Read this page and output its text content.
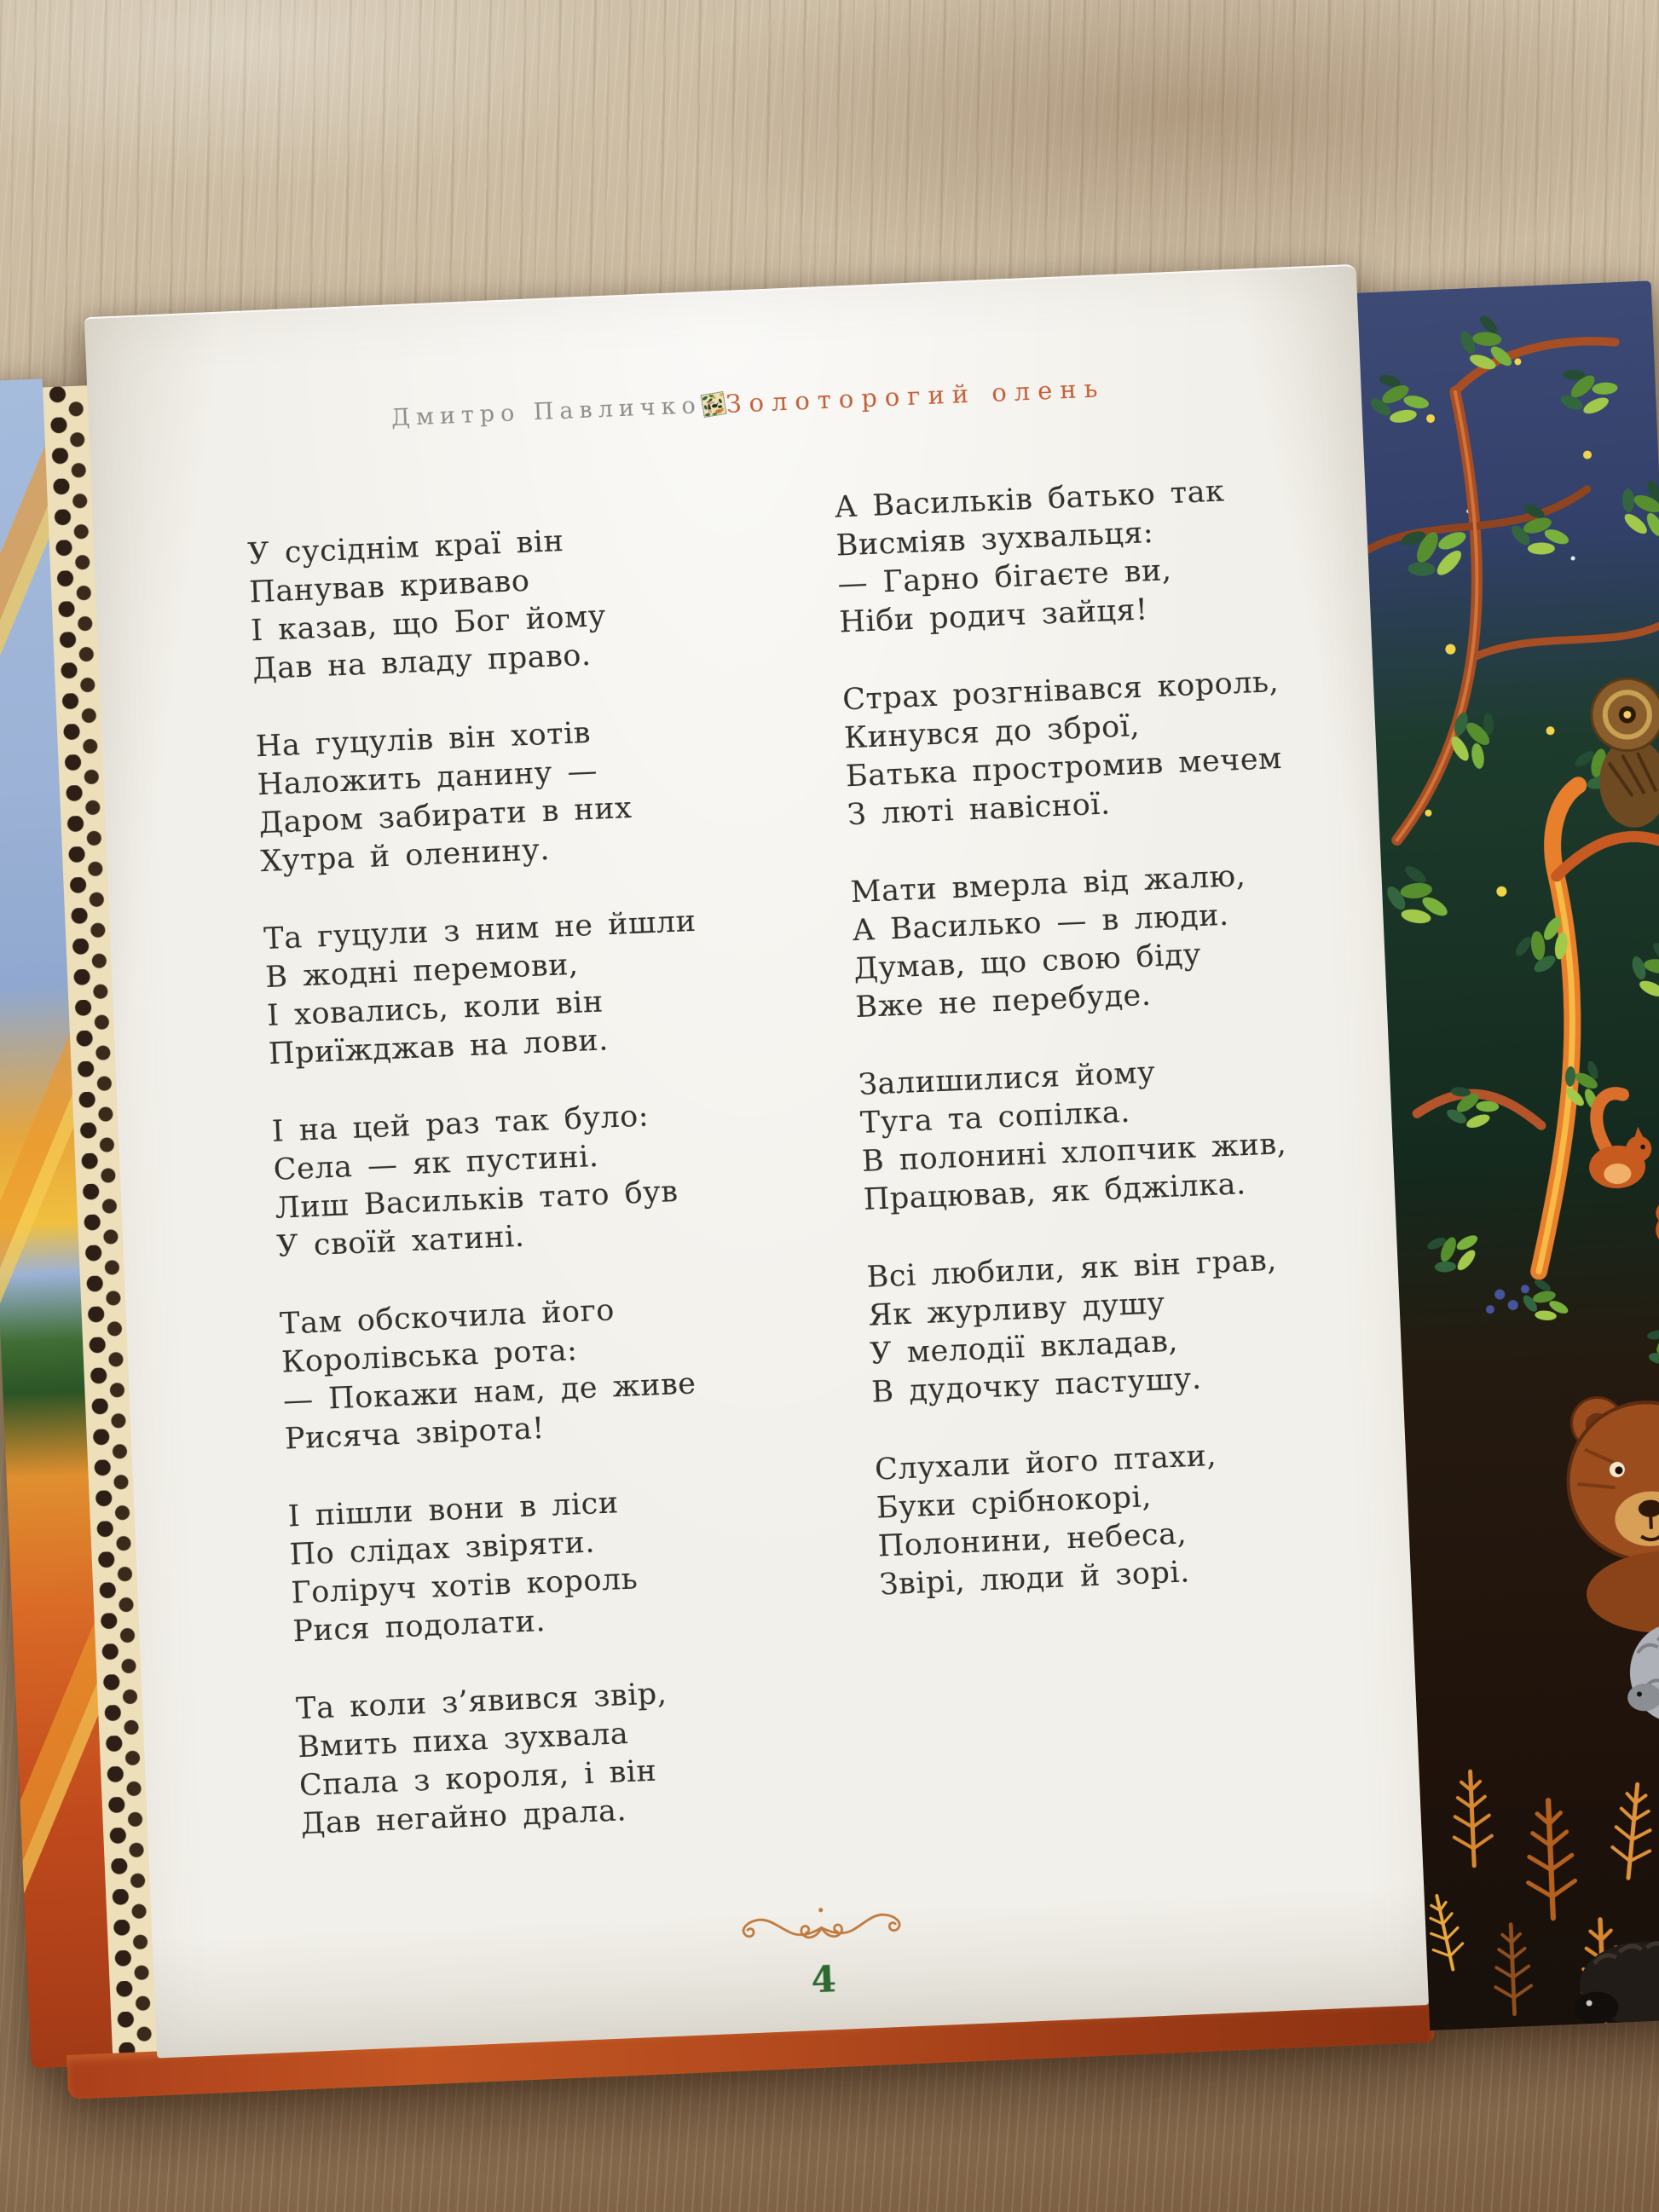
Дмитро Павличко Золоторогий олень
У сусіднім краї він
Панував криваво
І казав, що Бог йому
Дав на владу право.
На гуцулів він хотів
Наложить данину —
Даром забирати в них
Хутра й оленину.
Та гуцули з ним не йшли
В жодні перемови,
І ховались, коли він
Приїжджав на лови.
І на цей раз так було:
Села — як пустині.
Лиш Васильків тато був
У своїй хатині.
Там обскочила його
Королівська рота:
— Покажи нам, де живе
Рисяча звірота!
І пішли вони в ліси
По слідах звіряти.
Голіруч хотів король
Рися подолати.
Та коли з’явився звір,
Вмить пиха зухвала
Спала з короля, і він
Дав негайно драла.
А Васильків батько так
Висміяв зухвальця:
— Гарно бігаєте ви,
Ніби родич зайця!
Страх розгнівався король,
Кинувся до зброї,
Батька простромив мечем
З люті навісної.
Мати вмерла від жалю,
А Василько — в люди.
Думав, що свою біду
Вже не перебуде.
Залишилися йому
Туга та сопілка.
В полонині хлопчик жив,
Працював, як бджілка.
Всі любили, як він грав,
Як журливу душу
У мелодії вкладав,
В дудочку пастушу.
Слухали його птахи,
Буки срібнокорі,
Полонини, небеса,
Звірі, люди й зорі.
4
